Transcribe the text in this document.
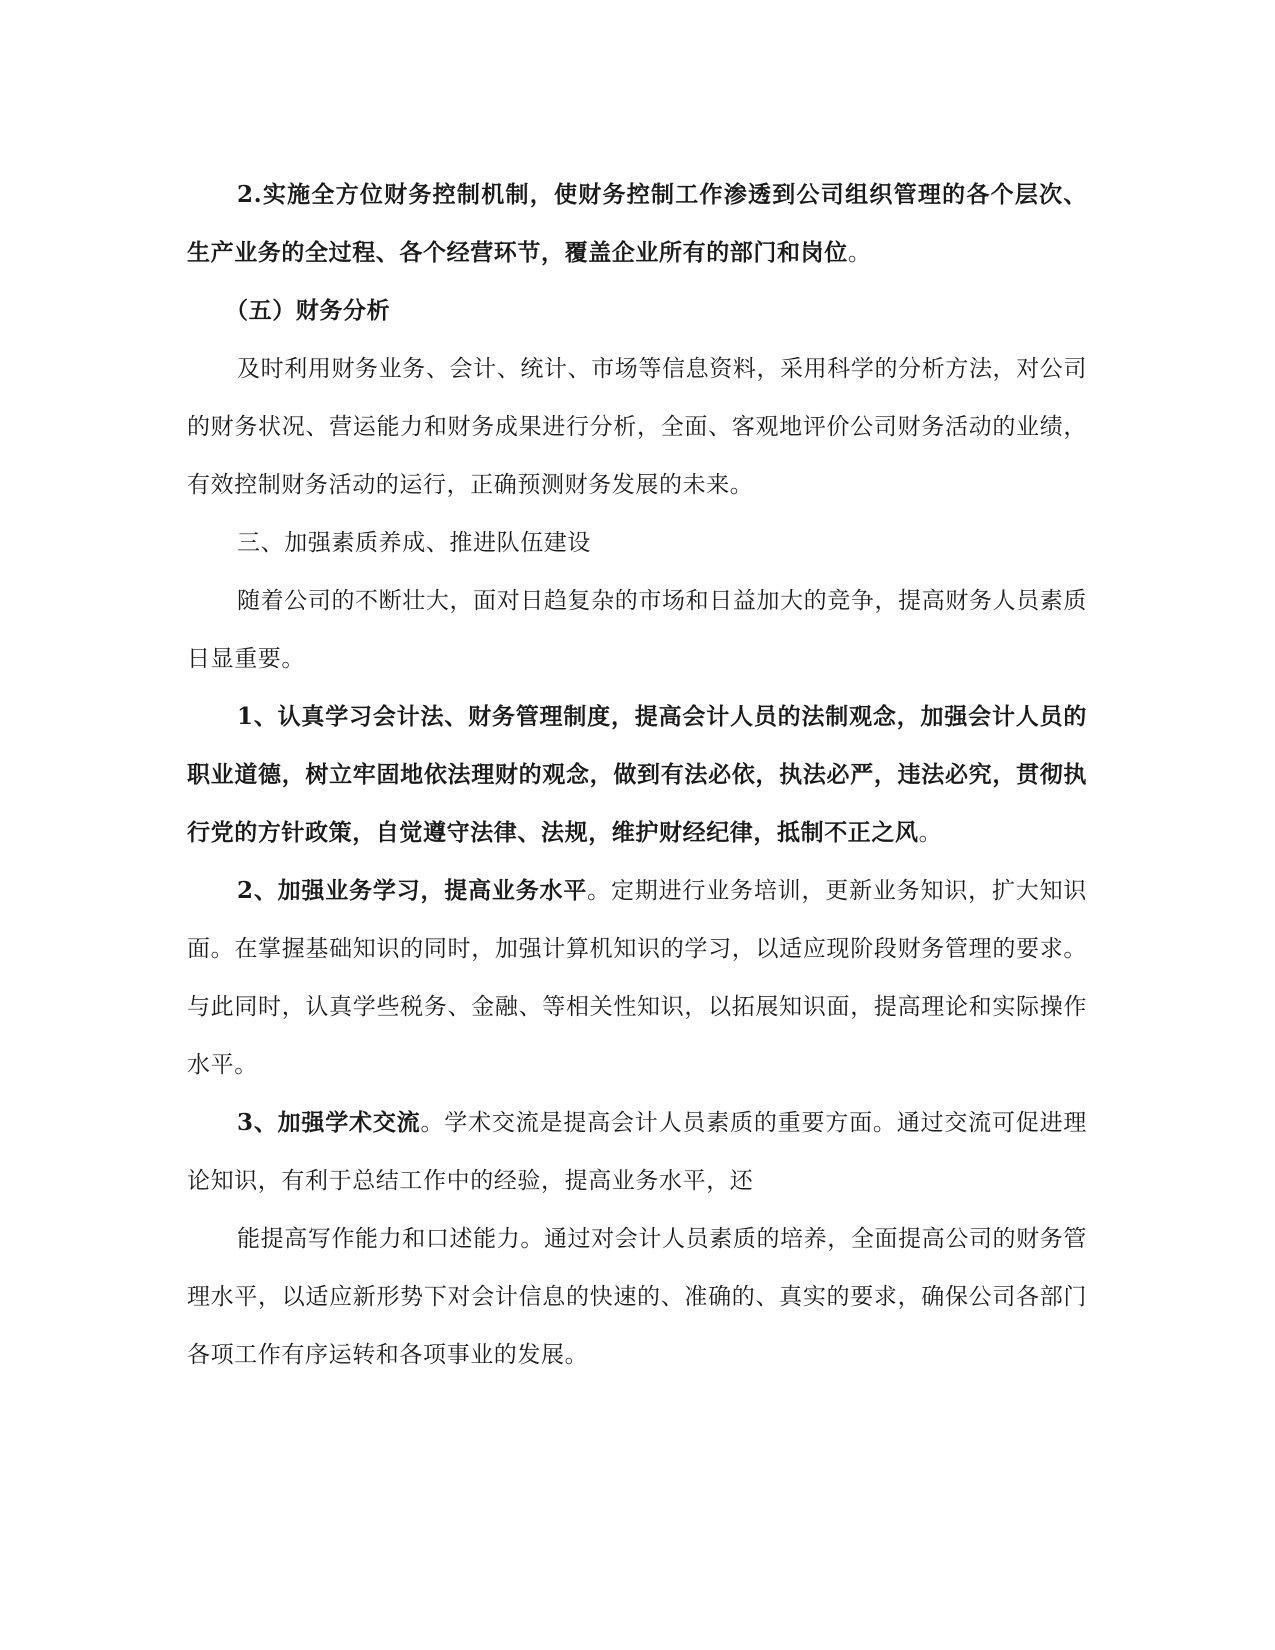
2.实施全方位财务控制机制，使财务控制工作渗透到公司组织管理的各个层次、生产业务的全过程、各个经营环节，覆盖企业所有的部门和岗位。

（五）财务分析

及时利用财务业务、会计、统计、市场等信息资料，采用科学的分析方法，对公司的财务状况、营运能力和财务成果进行分析，全面、客观地评价公司财务活动的业绩，有效控制财务活动的运行，正确预测财务发展的未来。

三、加强素质养成、推进队伍建设

随着公司的不断壮大，面对日趋复杂的市场和日益加大的竞争，提高财务人员素质日显重要。

1、认真学习会计法、财务管理制度，提高会计人员的法制观念，加强会计人员的职业道德，树立牢固地依法理财的观念，做到有法必依，执法必严，违法必究，贯彻执行党的方针政策，自觉遵守法律、法规，维护财经纪律，抵制不正之风。

2、加强业务学习，提高业务水平。定期进行业务培训，更新业务知识，扩大知识面。在掌握基础知识的同时，加强计算机知识的学习，以适应现阶段财务管理的要求。与此同时，认真学些税务、金融、等相关性知识，以拓展知识面，提高理论和实际操作水平。

3、加强学术交流。学术交流是提高会计人员素质的重要方面。通过交流可促进理论知识，有利于总结工作中的经验，提高业务水平，还

能提高写作能力和口述能力。通过对会计人员素质的培养，全面提高公司的财务管理水平，以适应新形势下对会计信息的快速的、准确的、真实的要求，确保公司各部门各项工作有序运转和各项事业的发展。
